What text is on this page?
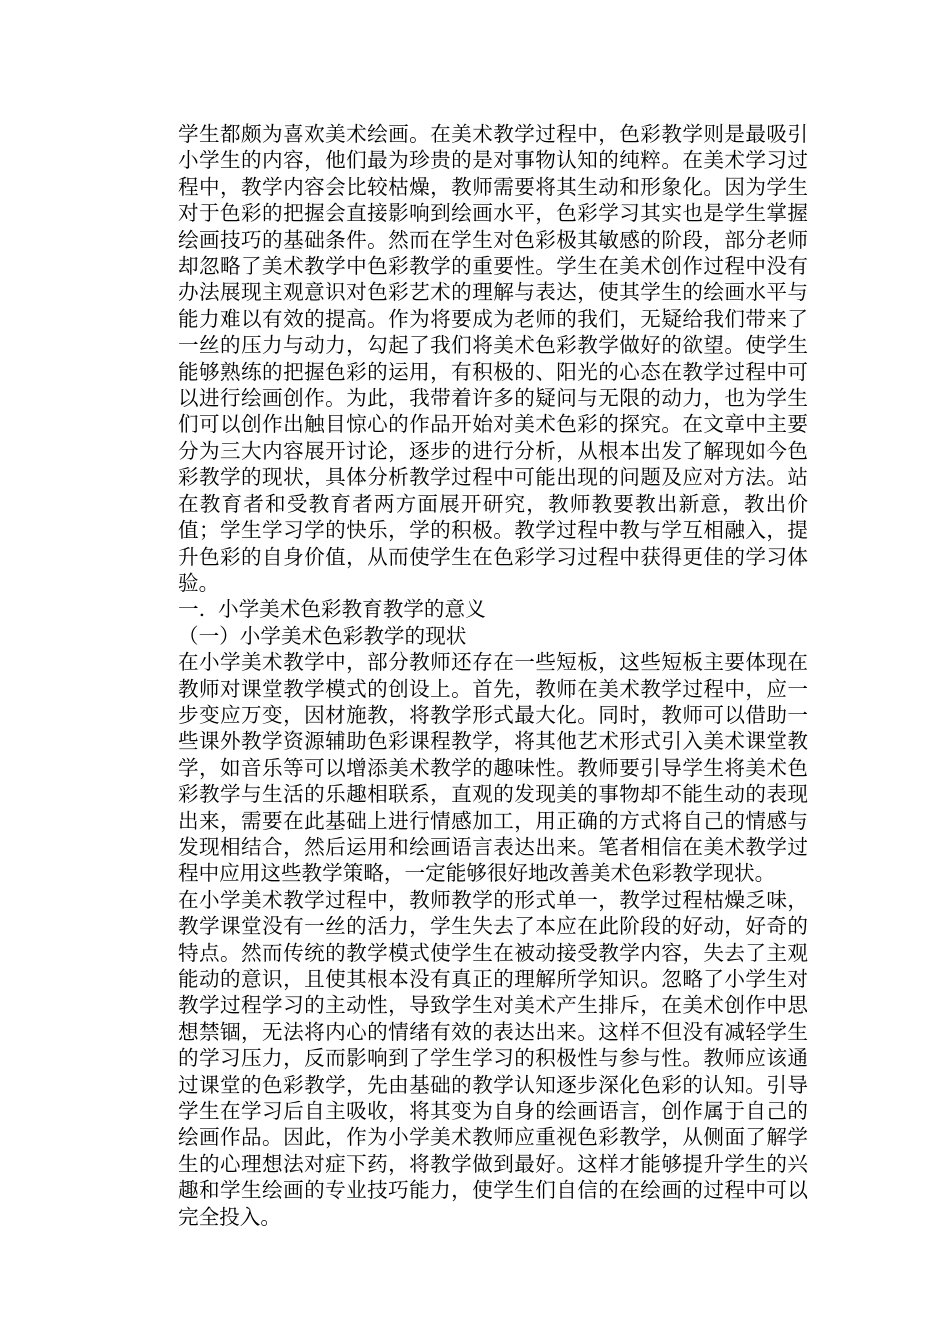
学生都颇为喜欢美术绘画。在美术教学过程中，色彩教学则是最吸引小学生的内容，他们最为珍贵的是对事物认知的纯粹。在美术学习过程中，教学内容会比较枯燥，教师需要将其生动和形象化。因为学生对于色彩的把握会直接影响到绘画水平，色彩学习其实也是学生掌握绘画技巧的基础条件。然而在学生对色彩极其敏感的阶段，部分老师却忽略了美术教学中色彩教学的重要性。学生在美术创作过程中没有办法展现主观意识对色彩艺术的理解与表达，使其学生的绘画水平与能力难以有效的提高。作为将要成为老师的我们，无疑给我们带来了一丝的压力与动力，勾起了我们将美术色彩教学做好的欲望。使学生能够熟练的把握色彩的运用，有积极的、阳光的心态在教学过程中可以进行绘画创作。为此，我带着许多的疑问与无限的动力，也为学生们可以创作出触目惊心的作品开始对美术色彩的探究。在文章中主要分为三大内容展开讨论，逐步的进行分析，从根本出发了解现如今色彩教学的现状，具体分析教学过程中可能出现的问题及应对方法。站在教育者和受教育者两方面展开研究，教师教要教出新意，教出价值；学生学习学的快乐，学的积极。教学过程中教与学互相融入，提升色彩的自身价值，从而使学生在色彩学习过程中获得更佳的学习体验。

一. 小学美术色彩教育教学的意义

（一）小学美术色彩教学的现状

在小学美术教学中，部分教师还存在一些短板，这些短板主要体现在教师对课堂教学模式的创设上。首先，教师在美术教学过程中，应一步变应万变，因材施教，将教学形式最大化。同时，教师可以借助一些课外教学资源辅助色彩课程教学，将其他艺术形式引入美术课堂教学，如音乐等可以增添美术教学的趣味性。教师要引导学生将美术色彩教学与生活的乐趣相联系，直观的发现美的事物却不能生动的表现出来，需要在此基础上进行情感加工，用正确的方式将自己的情感与发现相结合，然后运用和绘画语言表达出来。笔者相信在美术教学过程中应用这些教学策略，一定能够很好地改善美术色彩教学现状。

在小学美术教学过程中，教师教学的形式单一，教学过程枯燥乏味，教学课堂没有一丝的活力，学生失去了本应在此阶段的好动，好奇的特点。然而传统的教学模式使学生在被动接受教学内容，失去了主观能动的意识，且使其根本没有真正的理解所学知识。忽略了小学生对教学过程学习的主动性，导致学生对美术产生排斥，在美术创作中思想禁锢，无法将内心的情绪有效的表达出来。这样不但没有减轻学生的学习压力，反而影响到了学生学习的积极性与参与性。教师应该通过课堂的色彩教学，先由基础的教学认知逐步深化色彩的认知。引导学生在学习后自主吸收，将其变为自身的绘画语言，创作属于自己的绘画作品。因此，作为小学美术教师应重视色彩教学，从侧面了解学生的心理想法对症下药，将教学做到最好。这样才能够提升学生的兴趣和学生绘画的专业技巧能力，使学生们自信的在绘画的过程中可以完全投入。
